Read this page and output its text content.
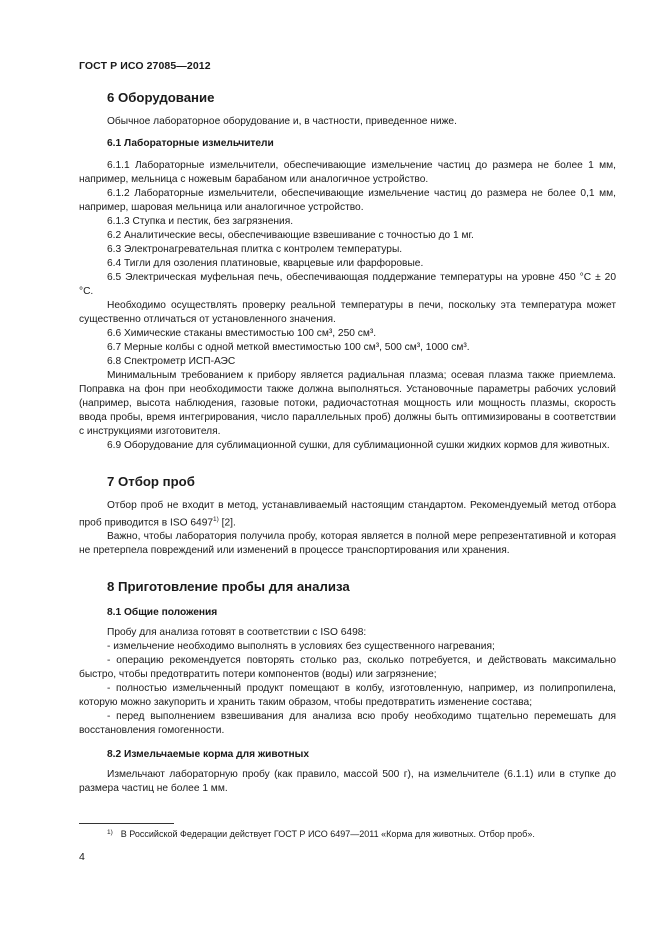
ГОСТ Р ИСО 27085—2012
6 Оборудование

Обычное лабораторное оборудование и, в частности, приведенное ниже.

6.1 Лабораторные измельчители

6.1.1 Лабораторные измельчители, обеспечивающие измельчение частиц до размера не более 1 мм, например, мельница с ножевым барабаном или аналогичное устройство.

6.1.2 Лабораторные измельчители, обеспечивающие измельчение частиц до размера не более 0,1 мм, например, шаровая мельница или аналогичное устройство.

6.1.3 Ступка и пестик, без загрязнения.

6.2 Аналитические весы, обеспечивающие взвешивание с точностью до 1 мг.

6.3 Электронагревательная плитка с контролем температуры.

6.4 Тигли для озоления платиновые, кварцевые или фарфоровые.

6.5 Электрическая муфельная печь, обеспечивающая поддержание температуры на уровне 450 °C ± 20 °C.

Необходимо осуществлять проверку реальной температуры в печи, поскольку эта температура может существенно отличаться от установленного значения.

6.6 Химические стаканы вместимостью 100 см³, 250 см³.

6.7 Мерные колбы с одной меткой вместимостью 100 см³, 500 см³, 1000 см³.

6.8 Спектрометр ИСП-АЭС

Минимальным требованием к прибору является радиальная плазма; осевая плазма также приемлема. Поправка на фон при необходимости также должна выполняться. Установочные параметры рабочих условий (например, высота наблюдения, газовые потоки, радиочастотная мощность или мощность плазмы, скорость ввода пробы, время интегрирования, число параллельных проб) должны быть оптимизированы в соответствии с инструкциями изготовителя.

6.9 Оборудование для сублимационной сушки, для сублимационной сушки жидких кормов для животных.

7 Отбор проб

Отбор проб не входит в метод, устанавливаемый настоящим стандартом. Рекомендуемый метод отбора проб приводится в ISO 6497$^{1)}$ [2].

Важно, чтобы лаборатория получила пробу, которая является в полной мере репрезентативной и которая не претерпела повреждений или изменений в процессе транспортирования или хранения.

8 Приготовление пробы для анализа
8.1 Общие положения

Пробу для анализа готовят в соответствии с ISO 6498:

- измельчение необходимо выполнять в условиях без существенного нагревания;

- операцию рекомендуется повторять столько раз, сколько потребуется, и действовать максимально быстро, чтобы предотвратить потери компонентов (воды) или загрязнение;

- полностью измельченный продукт помещают в колбу, изготовленную, например, из полипропилена, которую можно закупорить и хранить таким образом, чтобы предотвратить изменение состава;

- перед выполнением взвешивания для анализа всю пробу необходимо тщательно перемешать для восстановления гомогенности.

8.2 Измельчаемые корма для животных

Измельчают лабораторную пробу (как правило, массой 500 г), на измельчителе (6.1.1) или в ступке до размера частиц не более 1 мм.

$^{1)}$ В Российской Федерации действует ГОСТ Р ИСО 6497—2011 «Корма для животных. Отбор проб».
4
